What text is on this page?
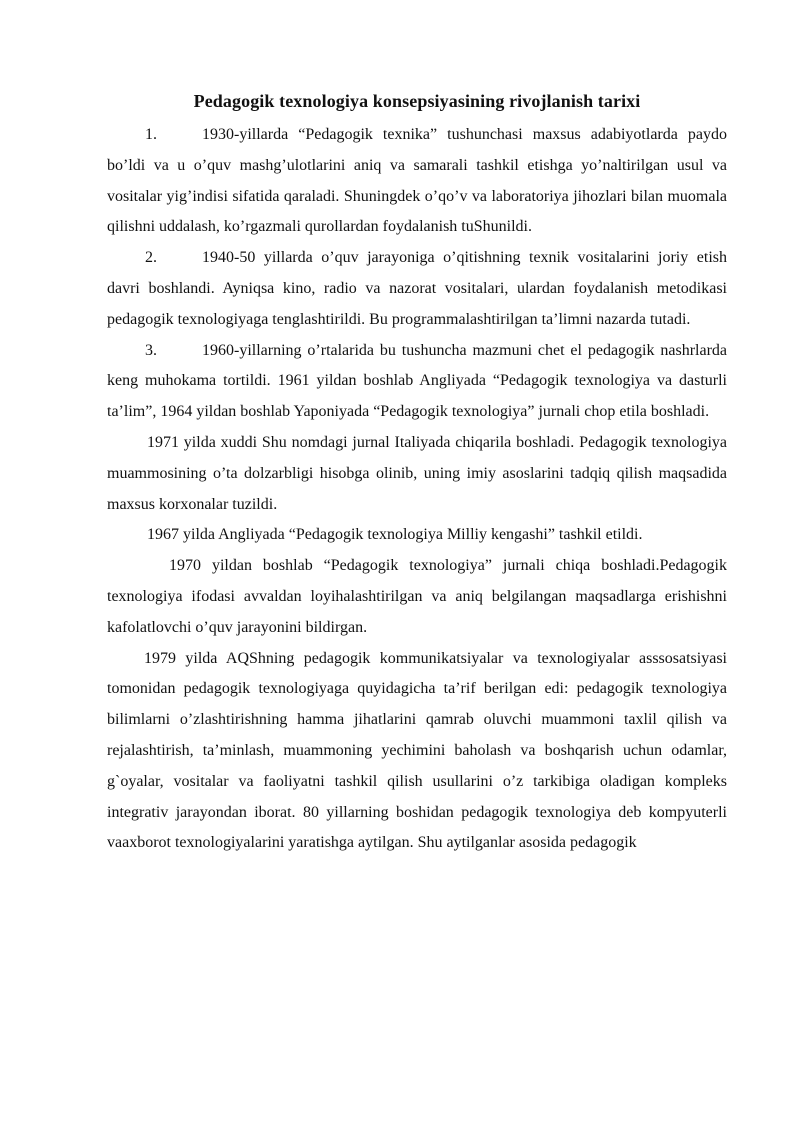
Pedagogik texnologiya konsepsiyasining rivojlanish tarixi

1.	1930-yillarda “Pedagogik texnika” tushunchasi maxsus adabiyotlarda paydo bo’ldi va u o’quv mashg’ulotlarini aniq va samarali tashkil etishga yo’naltirilgan usul va vositalar yig’indisi sifatida qaraladi. Shuningdek o’qo’v va laboratoriya jihozlari bilan muomala qilishni uddalash, ko’rgazmali qurollardan foydalanish tuShunildi.

2.	1940-50 yillarda o’quv jarayoniga o’qitishning texnik vositalarini joriy etish davri boshlandi. Ayniqsa kino, radio va nazorat vositalari, ulardan foydalanish metodikasi pedagogik texnologiyaga tenglashtirildi. Bu programmalashtirilgan ta’limni nazarda tutadi.

3.	1960-yillarning o’rtalarida bu tushuncha mazmuni chet el pedagogik nashrlarda keng muhokama tortildi. 1961 yildan boshlab Angliyada “Pedagogik texnologiya va dasturli ta’lim”, 1964 yildan boshlab Yaponiyada “Pedagogik texnologiya” jurnali chop etila boshladi.

1971 yilda xuddi Shu nomdagi jurnal Italiyada chiqarila boshladi. Pedagogik texnologiya muammosining o’ta dolzarbligi hisobga olinib, uning imiy asoslarini tadqiq qilish maqsadida maxsus korxonalar tuzildi.

1967 yilda Angliyada “Pedagogik texnologiya Milliy kengashi” tashkil etildi.

1970 yildan boshlab “Pedagogik texnologiya” jurnali chiqa boshladi.Pedagogik texnologiya ifodasi avvaldan loyihalashtirilgan va aniq belgilangan maqsadlarga erishishni kafolatlovchi o’quv jarayonini bildirgan.

1979 yilda AQShning pedagogik kommunikatsiyalar va texnologiyalar asssosatsiyasi tomonidan pedagogik texnologiyaga quyidagicha ta’rif berilgan edi: pedagogik texnologiya bilimlarni o’zlashtirishning hamma jihatlarini qamrab oluvchi muammoni taxlil qilish va rejalashtirish, ta’minlash, muammoning yechimini baholash va boshqarish uchun odamlar, g`oyalar, vositalar va faoliyatni tashkil qilish usullarini o’z tarkibiga oladigan kompleks integrativ jarayondan iborat. 80 yillarning boshidan pedagogik texnologiya deb kompyuterli vaaxborot texnologiyalarini yaratishga aytilgan. Shu aytilganlar asosida pedagogik
